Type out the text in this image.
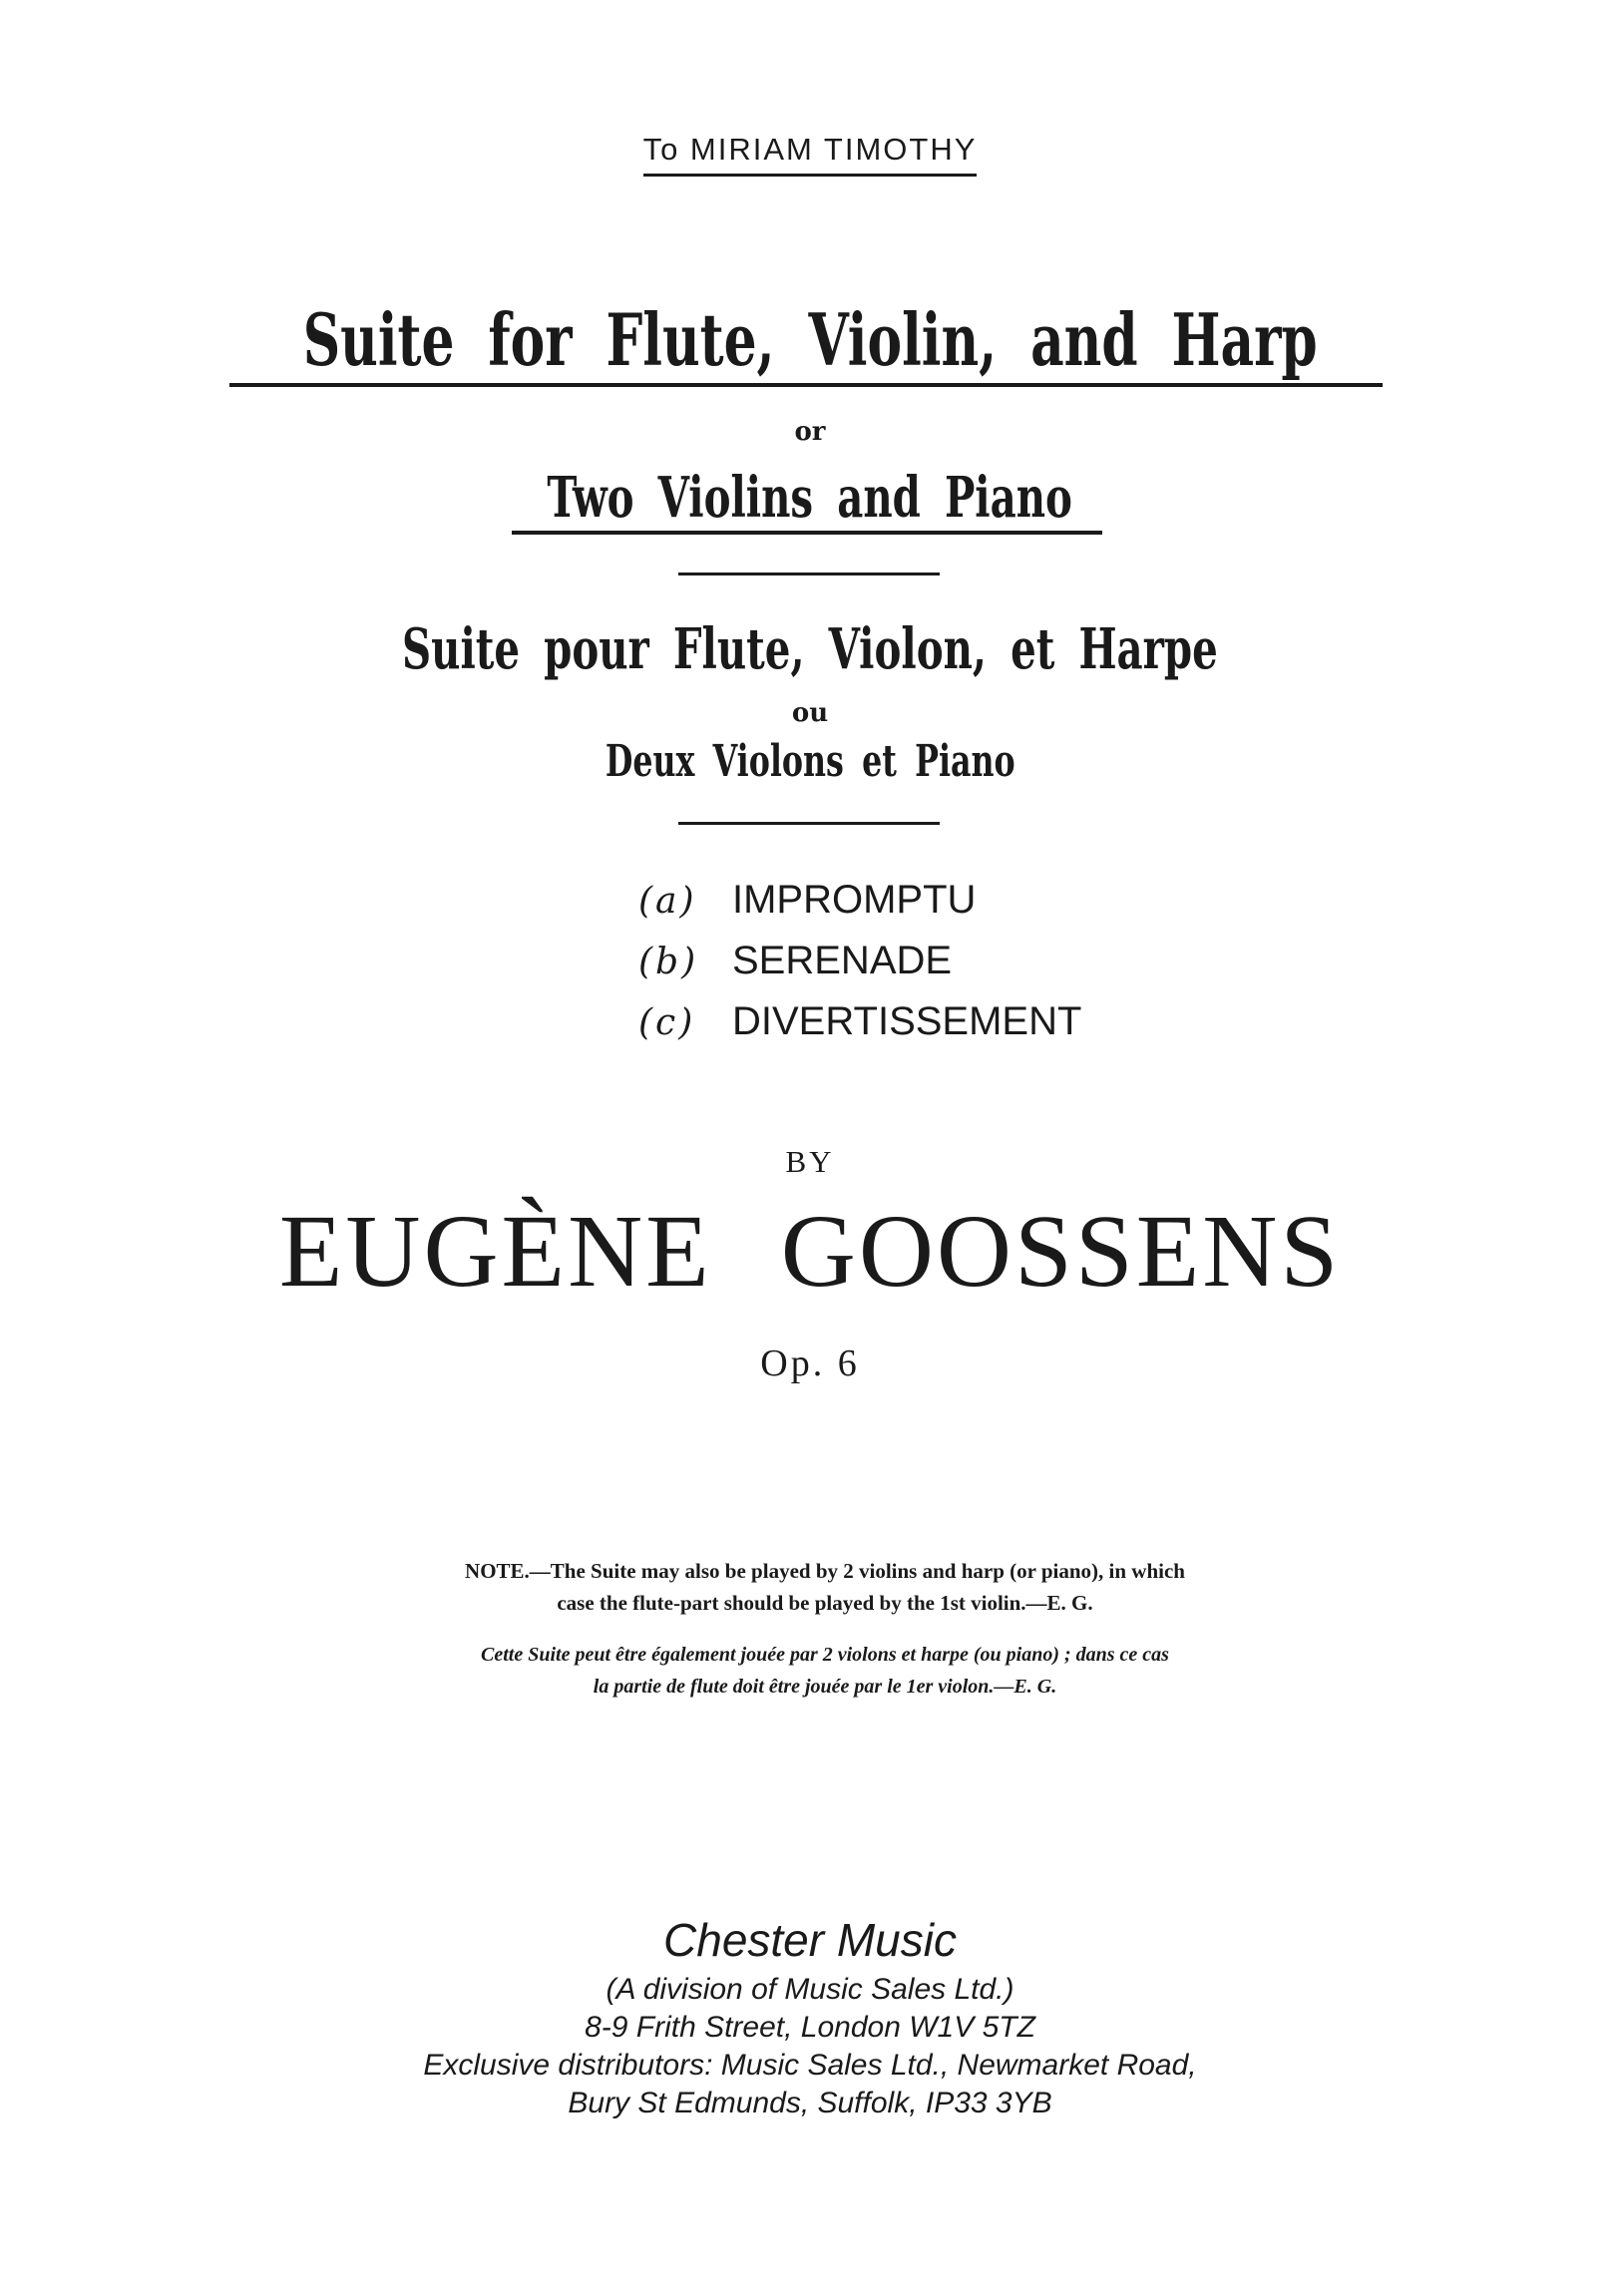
To MIRIAM TIMOTHY
Suite for Flute, Violin, and Harp
or
Two Violins and Piano
Suite pour Flute, Violon, et Harpe
ou
Deux Violons et Piano
(a) IMPROMPTU
(b) SERENADE
(c) DIVERTISSEMENT
BY
EUGÈNE GOOSSENS
Op. 6
NOTE.—The Suite may also be played by 2 violins and harp (or piano), in which
case the flute-part should be played by the 1st violin.—E. G.
Cette Suite peut être également jouée par 2 violons et harpe (ou piano) ; dans ce cas
la partie de flute doit être jouée par le 1er violon.—E. G.
Chester Music
(A division of Music Sales Ltd.)
8-9 Frith Street, London W1V 5TZ
Exclusive distributors: Music Sales Ltd., Newmarket Road,
Bury St Edmunds, Suffolk, IP33 3YB
